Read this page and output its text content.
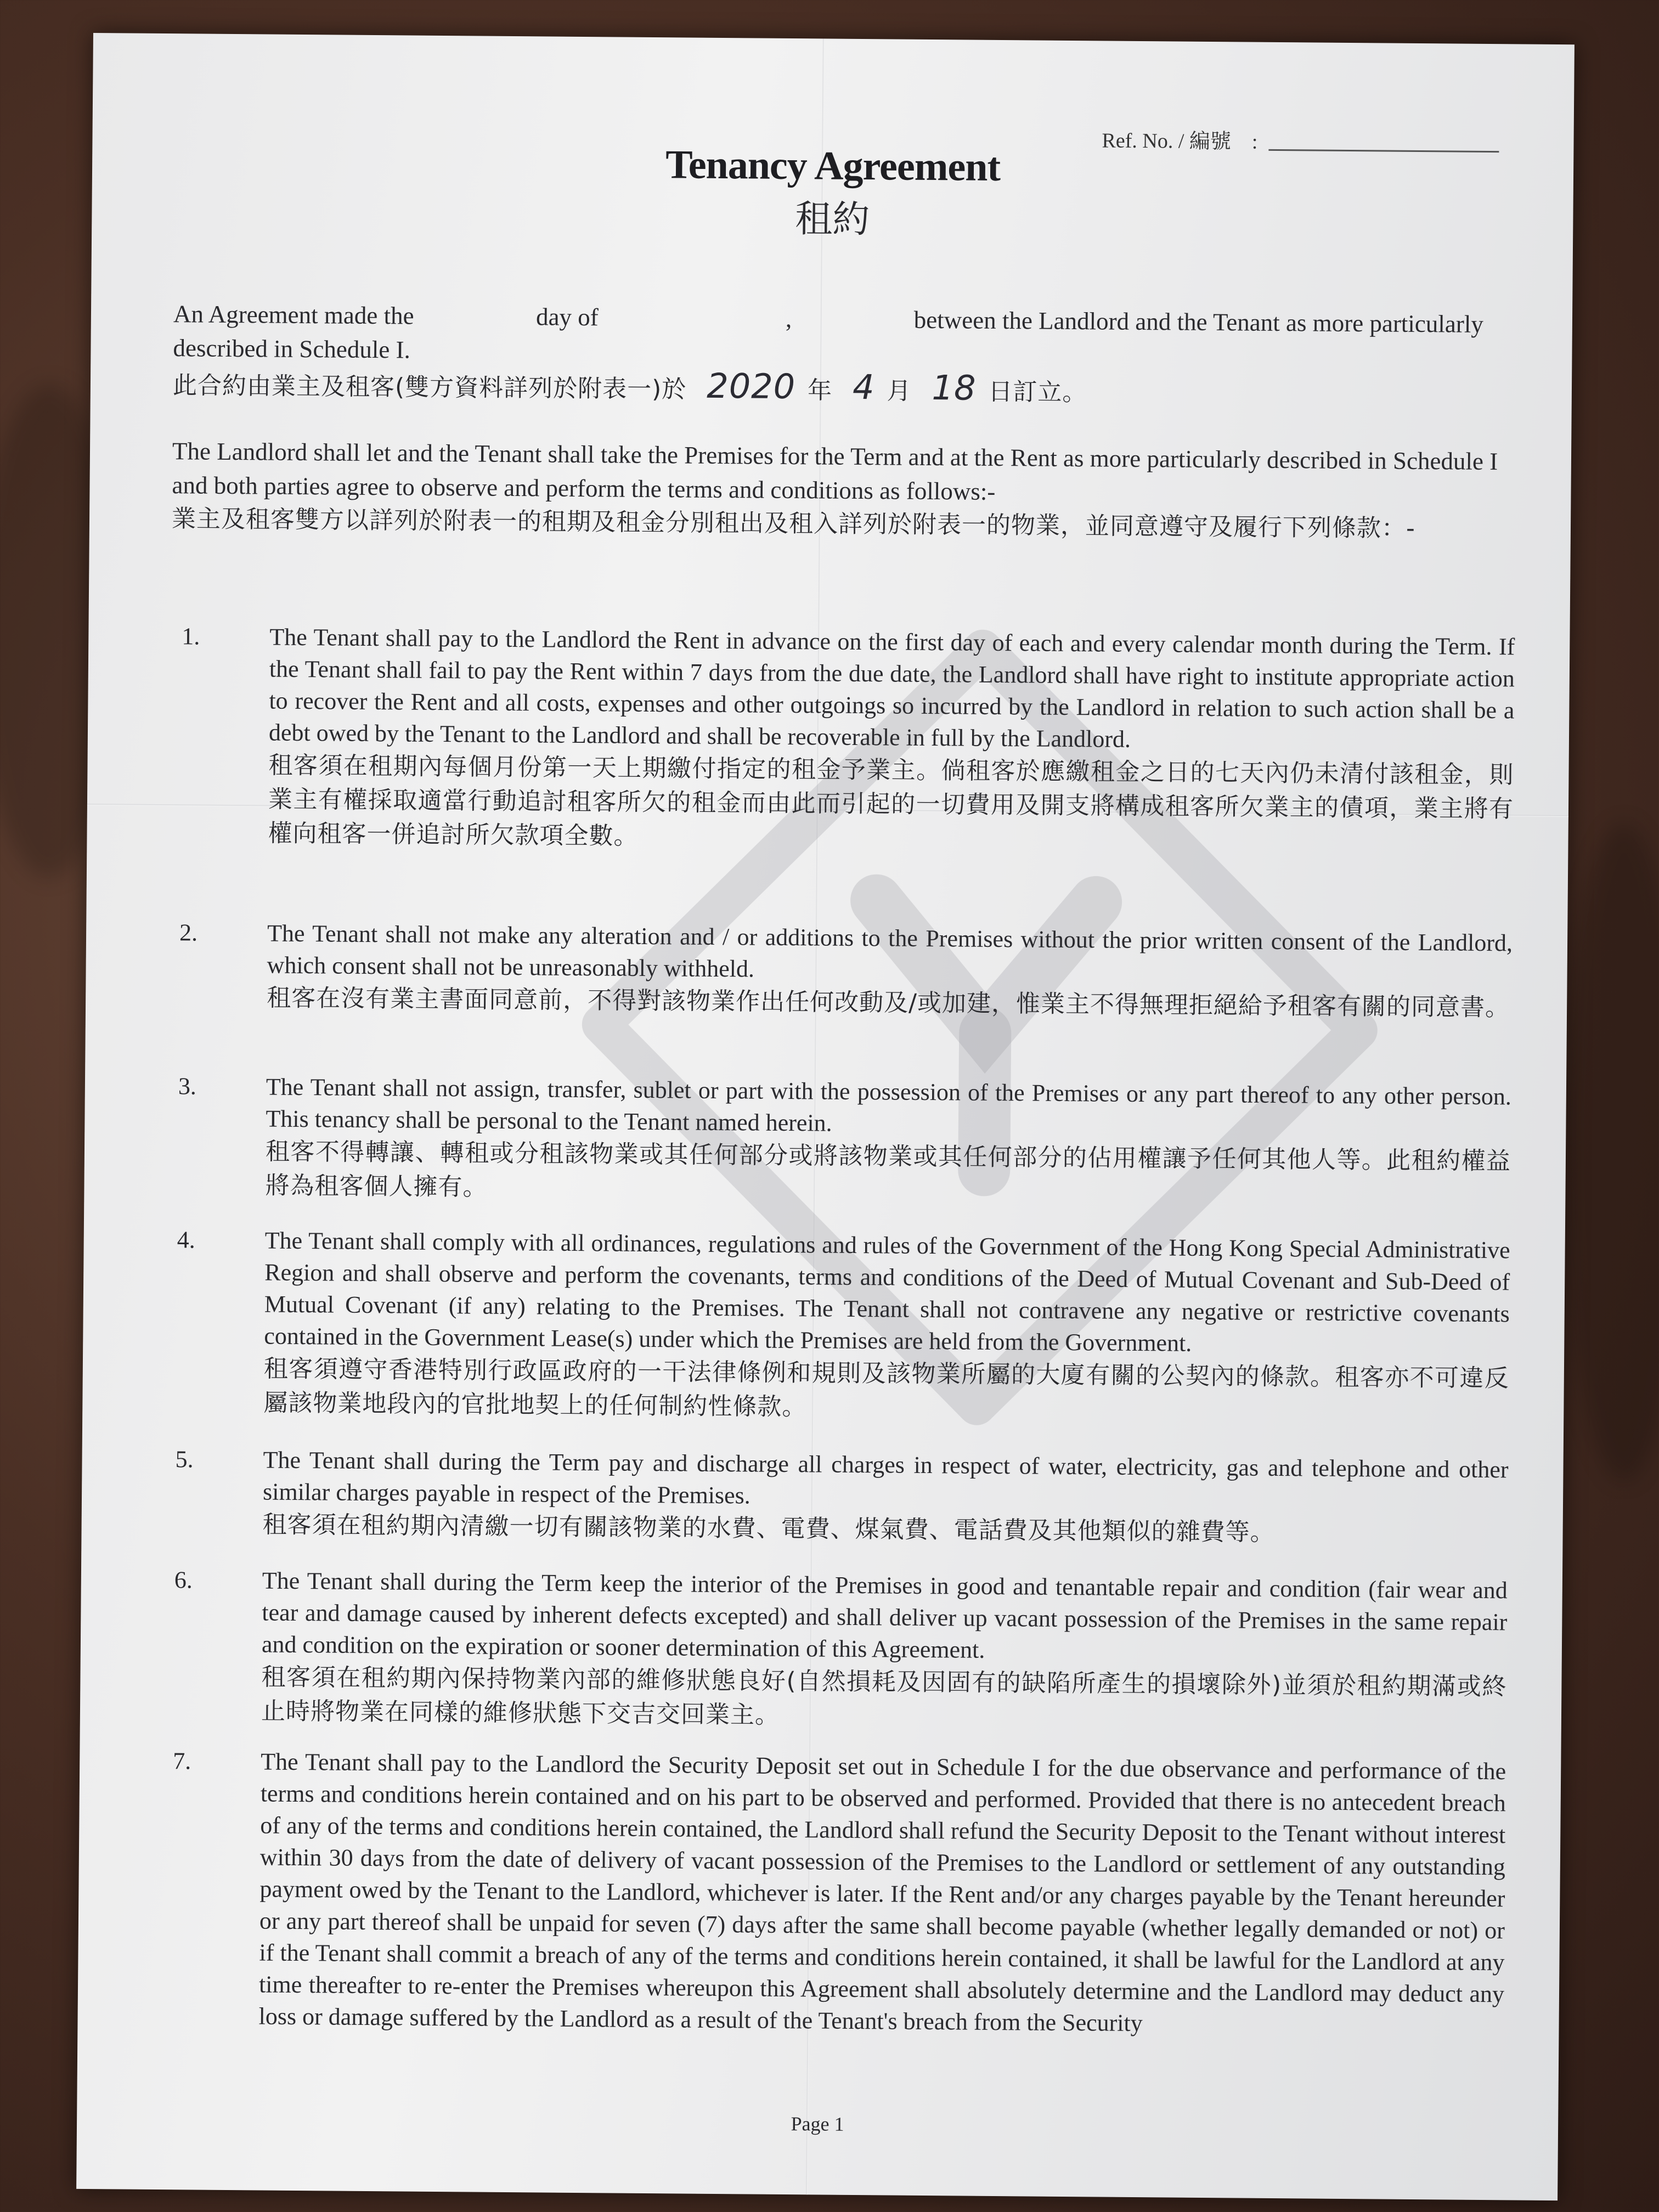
Ref. No. / 編號　:
Tenancy Agreement
租約
An Agreement made the	day of	,	between the Landlord and the Tenant as more particularly described in Schedule I.
此合約由業主及租客(雙方資料詳列於附表一)於 2020 年 4 月 18 日訂立。
The Landlord shall let and the Tenant shall take the Premises for the Term and at the Rent as more particularly described in Schedule I and both parties agree to observe and perform the terms and conditions as follows:-
業主及租客雙方以詳列於附表一的租期及租金分別租出及租入詳列於附表一的物業，並同意遵守及履行下列條款：-
1.	The Tenant shall pay to the Landlord the Rent in advance on the first day of each and every calendar month during the Term. If the Tenant shall fail to pay the Rent within 7 days from the due date, the Landlord shall have right to institute appropriate action to recover the Rent and all costs, expenses and other outgoings so incurred by the Landlord in relation to such action shall be a debt owed by the Tenant to the Landlord and shall be recoverable in full by the Landlord.

租客須在租期內每個月份第一天上期繳付指定的租金予業主。倘租客於應繳租金之日的七天內仍未清付該租金，則業主有權採取適當行動追討租客所欠的租金而由此而引起的一切費用及開支將構成租客所欠業主的債項，業主將有權向租客一併追討所欠款項全數。

2.	The Tenant shall not make any alteration and / or additions to the Premises without the prior written consent of the Landlord, which consent shall not be unreasonably withheld.

租客在沒有業主書面同意前，不得對該物業作出任何改動及/或加建，惟業主不得無理拒絕給予租客有關的同意書。

3.	The Tenant shall not assign, transfer, sublet or part with the possession of the Premises or any part thereof to any other person. This tenancy shall be personal to the Tenant named herein.

租客不得轉讓、轉租或分租該物業或其任何部分或將該物業或其任何部分的佔用權讓予任何其他人等。此租約權益將為租客個人擁有。

4.	The Tenant shall comply with all ordinances, regulations and rules of the Government of the Hong Kong Special Administrative Region and shall observe and perform the covenants, terms and conditions of the Deed of Mutual Covenant and Sub-Deed of Mutual Covenant (if any) relating to the Premises. The Tenant shall not contravene any negative or restrictive covenants contained in the Government Lease(s) under which the Premises are held from the Government.

租客須遵守香港特別行政區政府的一干法律條例和規則及該物業所屬的大廈有關的公契內的條款。租客亦不可違反屬該物業地段內的官批地契上的任何制約性條款。

5.	The Tenant shall during the Term pay and discharge all charges in respect of water, electricity, gas and telephone and other similar charges payable in respect of the Premises.

租客須在租約期內清繳一切有關該物業的水費、電費、煤氣費、電話費及其他類似的雜費等。

6.	The Tenant shall during the Term keep the interior of the Premises in good and tenantable repair and condition (fair wear and tear and damage caused by inherent defects excepted) and shall deliver up vacant possession of the Premises in the same repair and condition on the expiration or sooner determination of this Agreement.

租客須在租約期內保持物業內部的維修狀態良好(自然損耗及因固有的缺陷所產生的損壞除外)並須於租約期滿或終止時將物業在同樣的維修狀態下交吉交回業主。

7.	The Tenant shall pay to the Landlord the Security Deposit set out in Schedule I for the due observance and performance of the terms and conditions herein contained and on his part to be observed and performed. Provided that there is no antecedent breach of any of the terms and conditions herein contained, the Landlord shall refund the Security Deposit to the Tenant without interest within 30 days from the date of delivery of vacant possession of the Premises to the Landlord or settlement of any outstanding payment owed by the Tenant to the Landlord, whichever is later. If the Rent and/or any charges payable by the Tenant hereunder or any part thereof shall be unpaid for seven (7) days after the same shall become payable (whether legally demanded or not) or if the Tenant shall commit a breach of any of the terms and conditions herein contained, it shall be lawful for the Landlord at any time thereafter to re-enter the Premises whereupon this Agreement shall absolutely determine and the Landlord may deduct any loss or damage suffered by the Landlord as a result of the Tenant's breach from the Security

Page 1
